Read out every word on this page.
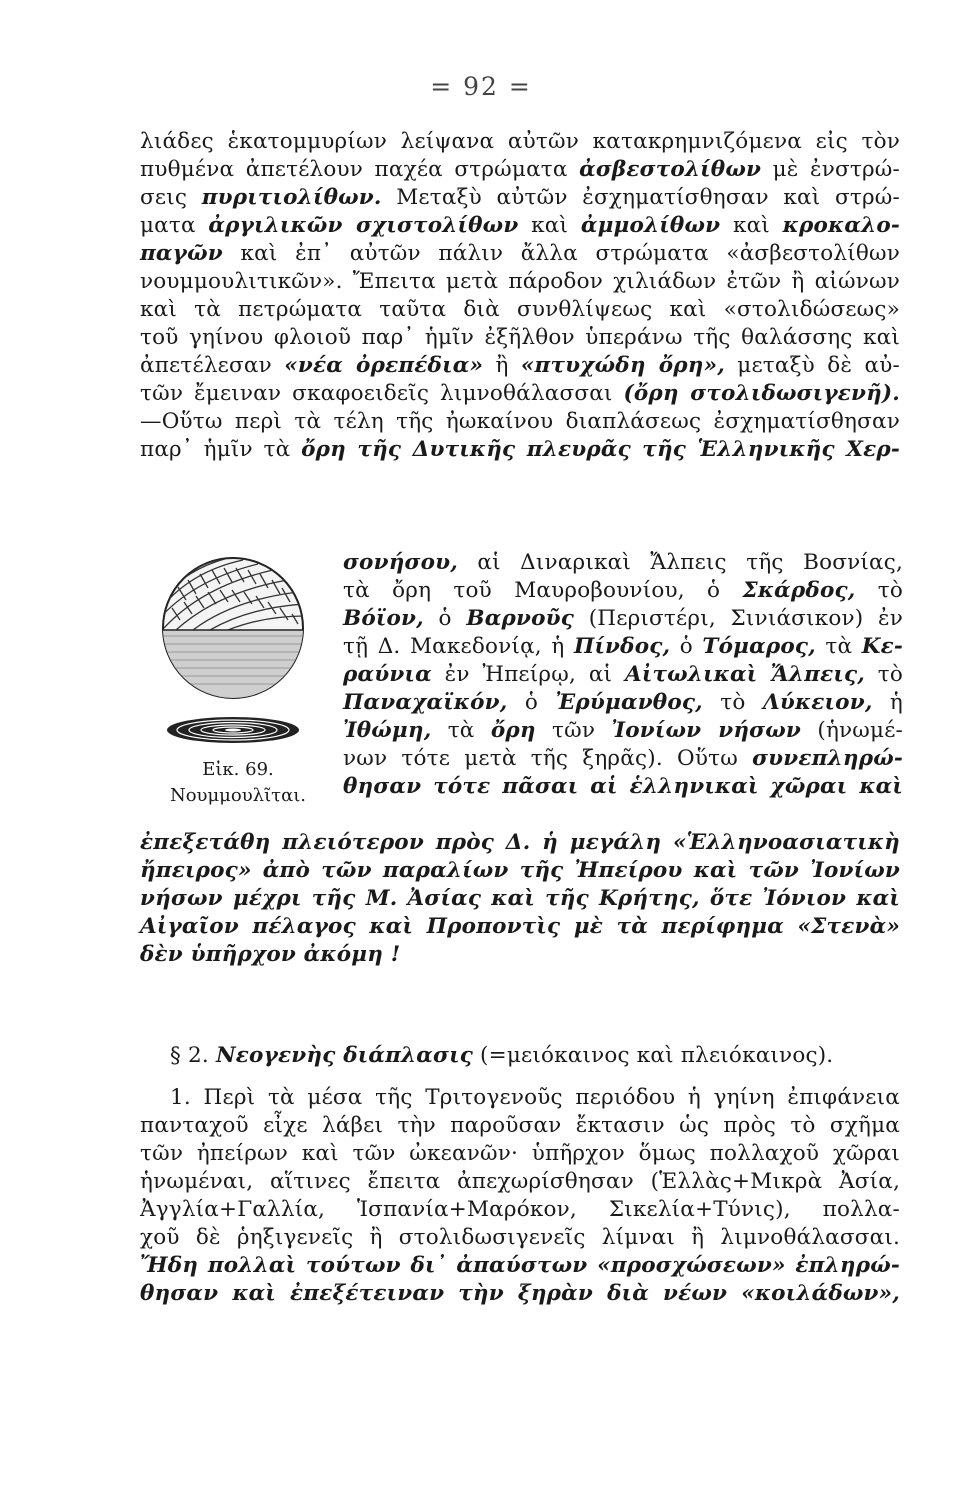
= 92 =
λιάδες ἑκατομμυρίων λείψανα αὐτῶν κατακρημνιζόμενα εἰς τὸν
πυθμένα ἀπετέλουν παχέα στρώματα ἀσβεστολίθων μὲ ἐνστρώ-
σεις πυριτιολίθων. Μεταξὺ αὐτῶν ἐσχηματίσθησαν καὶ στρώ-
ματα ἀργιλικῶν σχιστολίθων καὶ ἀμμολίθων καὶ κροκαλο-
παγῶν καὶ ἐπ᾽ αὐτῶν πάλιν ἄλλα στρώματα «ἀσβεστολίθων
νουμμουλιτικῶν». Ἔπειτα μετὰ πάροδον χιλιάδων ἐτῶν ἢ αἰώνων
καὶ τὰ πετρώματα ταῦτα διὰ συνθλίψεως καὶ «στολιδώσεως»
τοῦ γηίνου φλοιοῦ παρ᾽ ἡμῖν ἐξῆλθον ὑπεράνω τῆς θαλάσσης καὶ
ἀπετέλεσαν «νέα ὀρεπέδια» ἢ «πτυχώδη ὄρη», μεταξὺ δὲ αὐ-
τῶν ἔμειναν σκαφοειδεῖς λιμνοθάλασσαι (ὄρη στολιδωσιγενῆ).
—Οὕτω περὶ τὰ τέλη τῆς ἠωκαίνου διαπλάσεως ἐσχηματίσθησαν
παρ᾽ ἡμῖν τὰ ὄρη τῆς Δυτικῆς πλευρᾶς τῆς Ἑλληνικῆς Χερ-
Εἰκ. 69.
Νουμμουλῖται.
σονήσου, αἱ Διναρικαὶ Ἄλπεις τῆς Βοσνίας,
τὰ ὄρη τοῦ Μαυροβουνίου, ὁ Σκάρδος, τὸ
Βόϊον, ὁ Βαρνοῦς (Περιστέρι, Σινιάσικον) ἐν
τῇ Δ. Μακεδονίᾳ, ἡ Πίνδος, ὁ Τόμαρος, τὰ Κε-
ραύνια ἐν Ἠπείρῳ, αἱ Αἰτωλικαὶ Ἄλπεις, τὸ
Παναχαϊκόν, ὁ Ἐρύμανθος, τὸ Λύκειον, ἡ
Ἰθώμη, τὰ ὄρη τῶν Ἰονίων νήσων (ἡνωμέ-
νων τότε μετὰ τῆς ξηρᾶς). Οὕτω συνεπληρώ-
θησαν τότε πᾶσαι αἱ ἑλληνικαὶ χῶραι καὶ
ἐπεξετάθη πλειότερον πρὸς Δ. ἡ μεγάλη «Ἑλληνοασιατικὴ
ἤπειρος» ἀπὸ τῶν παραλίων τῆς Ἠπείρου καὶ τῶν Ἰονίων
νήσων μέχρι τῆς Μ. Ἀσίας καὶ τῆς Κρήτης, ὅτε Ἰόνιον καὶ
Αἰγαῖον πέλαγος καὶ Προποντὶς μὲ τὰ περίφημα «Στενὰ»
δὲν ὑπῆρχον ἀκόμη !
§ 2. Νεογενὴς διάπλασις (=μειόκαινος καὶ πλειόκαινος).
1. Περὶ τὰ μέσα τῆς Τριτογενοῦς περιόδου ἡ γηίνη ἐπιφάνεια
πανταχοῦ εἶχε λάβει τὴν παροῦσαν ἔκτασιν ὡς πρὸς τὸ σχῆμα
τῶν ἠπείρων καὶ τῶν ὠκεανῶν· ὑπῆρχον ὅμως πολλαχοῦ χῶραι
ἡνωμέναι, αἵτινες ἔπειτα ἀπεχωρίσθησαν (Ἑλλὰς+Μικρὰ Ἀσία,
Ἀγγλία+Γαλλία, Ἱσπανία+Μαρόκον, Σικελία+Τύνις), πολλα-
χοῦ δὲ ῥηξιγενεῖς ἢ στολιδωσιγενεῖς λίμναι ἢ λιμνοθάλασσαι.
Ἤδη πολλαὶ τούτων δι᾽ ἀπαύστων «προσχώσεων» ἐπληρώ-
θησαν καὶ ἐπεξέτειναν τὴν ξηρὰν διὰ νέων «κοιλάδων»,
